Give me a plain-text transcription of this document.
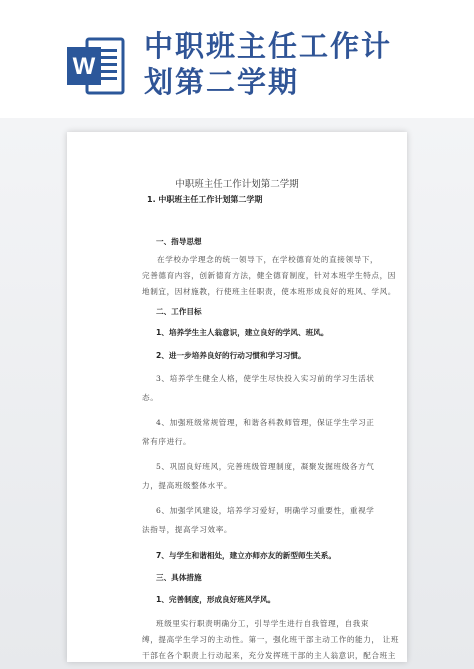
W
中职班主任工作计
划第二学期
中职班主任工作计划第二学期
1. 中职班主任工作计划第二学期
一、指导思想
在学校办学理念的统一领导下，在学校德育处的直接领导下，
完善德育内容，创新德育方法，健全德育制度，针对本班学生特点，因
地制宜，因材施教，行使班主任职责，使本班形成良好的班风、学风。
二、工作目标
1、培养学生主人翁意识，建立良好的学风、班风。
2、进一步培养良好的行动习惯和学习习惯。
3、培养学生健全人格，使学生尽快投入实习前的学习生活状
态。
4、加强班级常规管理，和谐各科教师管理，保证学生学习正
常有序进行。
5、巩固良好班风，完善班级管理制度，凝聚发掘班级各方气
力，提高班级整体水平。
6、加强学风建设，培养学习爱好，明确学习重要性，重视学
法指导，提高学习效率。
7、与学生和谐相处，建立亦师亦友的新型师生关系。
三、具体措施
1、完善制度，形成良好班风学风。
班级里实行职责明确分工，引导学生进行自我管理，自我束
缚，提高学生学习的主动性。第一，强化班干部主动工作的能力， 让班
干部在各个职责上行动起来，充分发挥班干部的主人翁意识，配合班主
